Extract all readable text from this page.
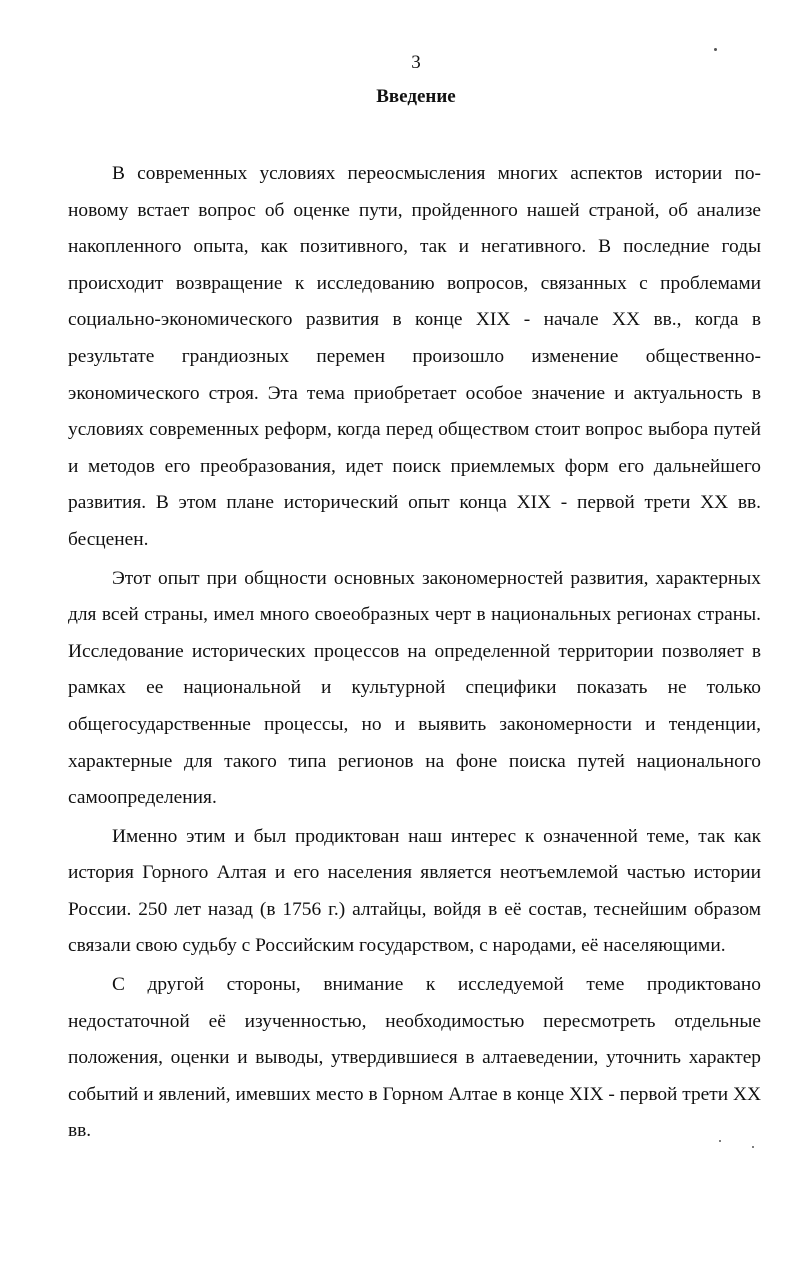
3
Введение

В современных условиях переосмысления многих аспектов истории по-новому встает вопрос об оценке пути, пройденного нашей страной, об анализе накопленного опыта, как позитивного, так и негативного. В последние годы происходит возвращение к исследованию вопросов, связанных с проблемами социально-экономического развития в конце XIX - начале XX вв., когда в результате грандиозных перемен произошло изменение общественно-экономического строя. Эта тема приобретает особое значение и актуальность в условиях современных реформ, когда перед обществом стоит вопрос выбора путей и методов его преобразования, идет поиск приемлемых форм его дальнейшего развития. В этом плане исторический опыт конца XIX - первой трети XX вв. бесценен.

Этот опыт при общности основных закономерностей развития, характерных для всей страны, имел много своеобразных черт в национальных регионах страны. Исследование исторических процессов на определенной территории позволяет в рамках ее национальной и культурной специфики показать не только общегосударственные процессы, но и выявить закономерности и тенденции, характерные для такого типа регионов на фоне поиска путей национального самоопределения.

Именно этим и был продиктован наш интерес к означенной теме, так как история Горного Алтая и его населения является неотъемлемой частью истории России. 250 лет назад (в 1756 г.) алтайцы, войдя в её состав, теснейшим образом связали свою судьбу с Российским государством, с народами, её населяющими.

С другой стороны, внимание к исследуемой теме продиктовано недостаточной её изученностью, необходимостью пересмотреть отдельные положения, оценки и выводы, утвердившиеся в алтаеведении, уточнить характер событий и явлений, имевших место в Горном Алтае в конце XIX - первой трети XX вв.
